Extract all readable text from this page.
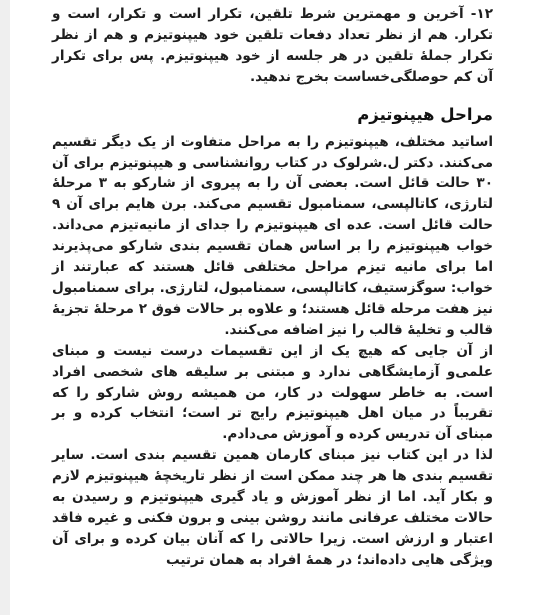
۱۲- آخرین و مهمترین شرط تلقین، تکرار است و تکرار، است و تکرار. هم از نظر تعداد دفعات تلقین خود هیپنوتیزم و هم از نظر تکرار جملهٔ تلقین در هر جلسه از خود هیپنوتیزم. پس برای تکرار آن کم حوصلگی‌خساست بخرج ندهید.

مراحل هیپنوتیزم

اساتید مختلف، هیپنوتیزم را به مراحل متفاوت از یک دیگر تقسیم می‌کنند. دکتر ل.شرلوک در کتاب روانشناسی و هیپنوتیزم برای آن ۳۰ حالت قائل است. بعضی آن را به پیروی از شارکو به ۳ مرحلهٔ لتارژی، کاتالپسی، سمنامبول تقسیم می‌کند. برن هایم برای آن ۹ حالت قائل است. عده ای هیپنوتیزم را جدای از مانیه‌تیزم می‌داند. خواب هیپنوتیزم را بر اساس همان تقسیم بندی شارکو می‌پذیرند اما برای مانیه تیزم مراحل مختلفی قائل هستند که عبارتند از خواب: سوگزستیف، کاتالپسی، سمنامبول، لتارژی. برای سمنامبول نیز هفت مرحله قائل هستند؛ و علاوه بر حالات فوق ۲ مرحلهٔ تجزیهٔ قالب و تخلیهٔ قالب را نیز اضافه می‌کنند.

از آن جایی که هیچ یک از این تقسیمات درست نیست و مبنای علمی‌و آزمایشگاهی ندارد و مبتنی بر سلیقه های شخصی افراد است. به خاطر سهولت در کار، من همیشه روش شارکو را که تقریباً در میان اهل هیپنوتیزم رایج تر است؛ انتخاب کرده و بر مبنای آن تدریس کرده و آموزش می‌دادم.

لذا در این کتاب نیز مبنای کارمان همین تقسیم بندی است. سایر تقسیم بندی ها هر چند ممکن است از نظر تاریخچهٔ هیپنوتیزم لازم و بکار آید. اما از نظر آموزش و یاد گیری هیپنوتیزم و رسیدن به حالات مختلف عرفانی مانند روشن بینی و برون فکنی و غیره فاقد اعتبار و ارزش است. زیرا حالاتی را که آنان بیان کرده و برای آن ویژگی هایی داده‌اند؛ در همهٔ افراد به همان ترتیب
